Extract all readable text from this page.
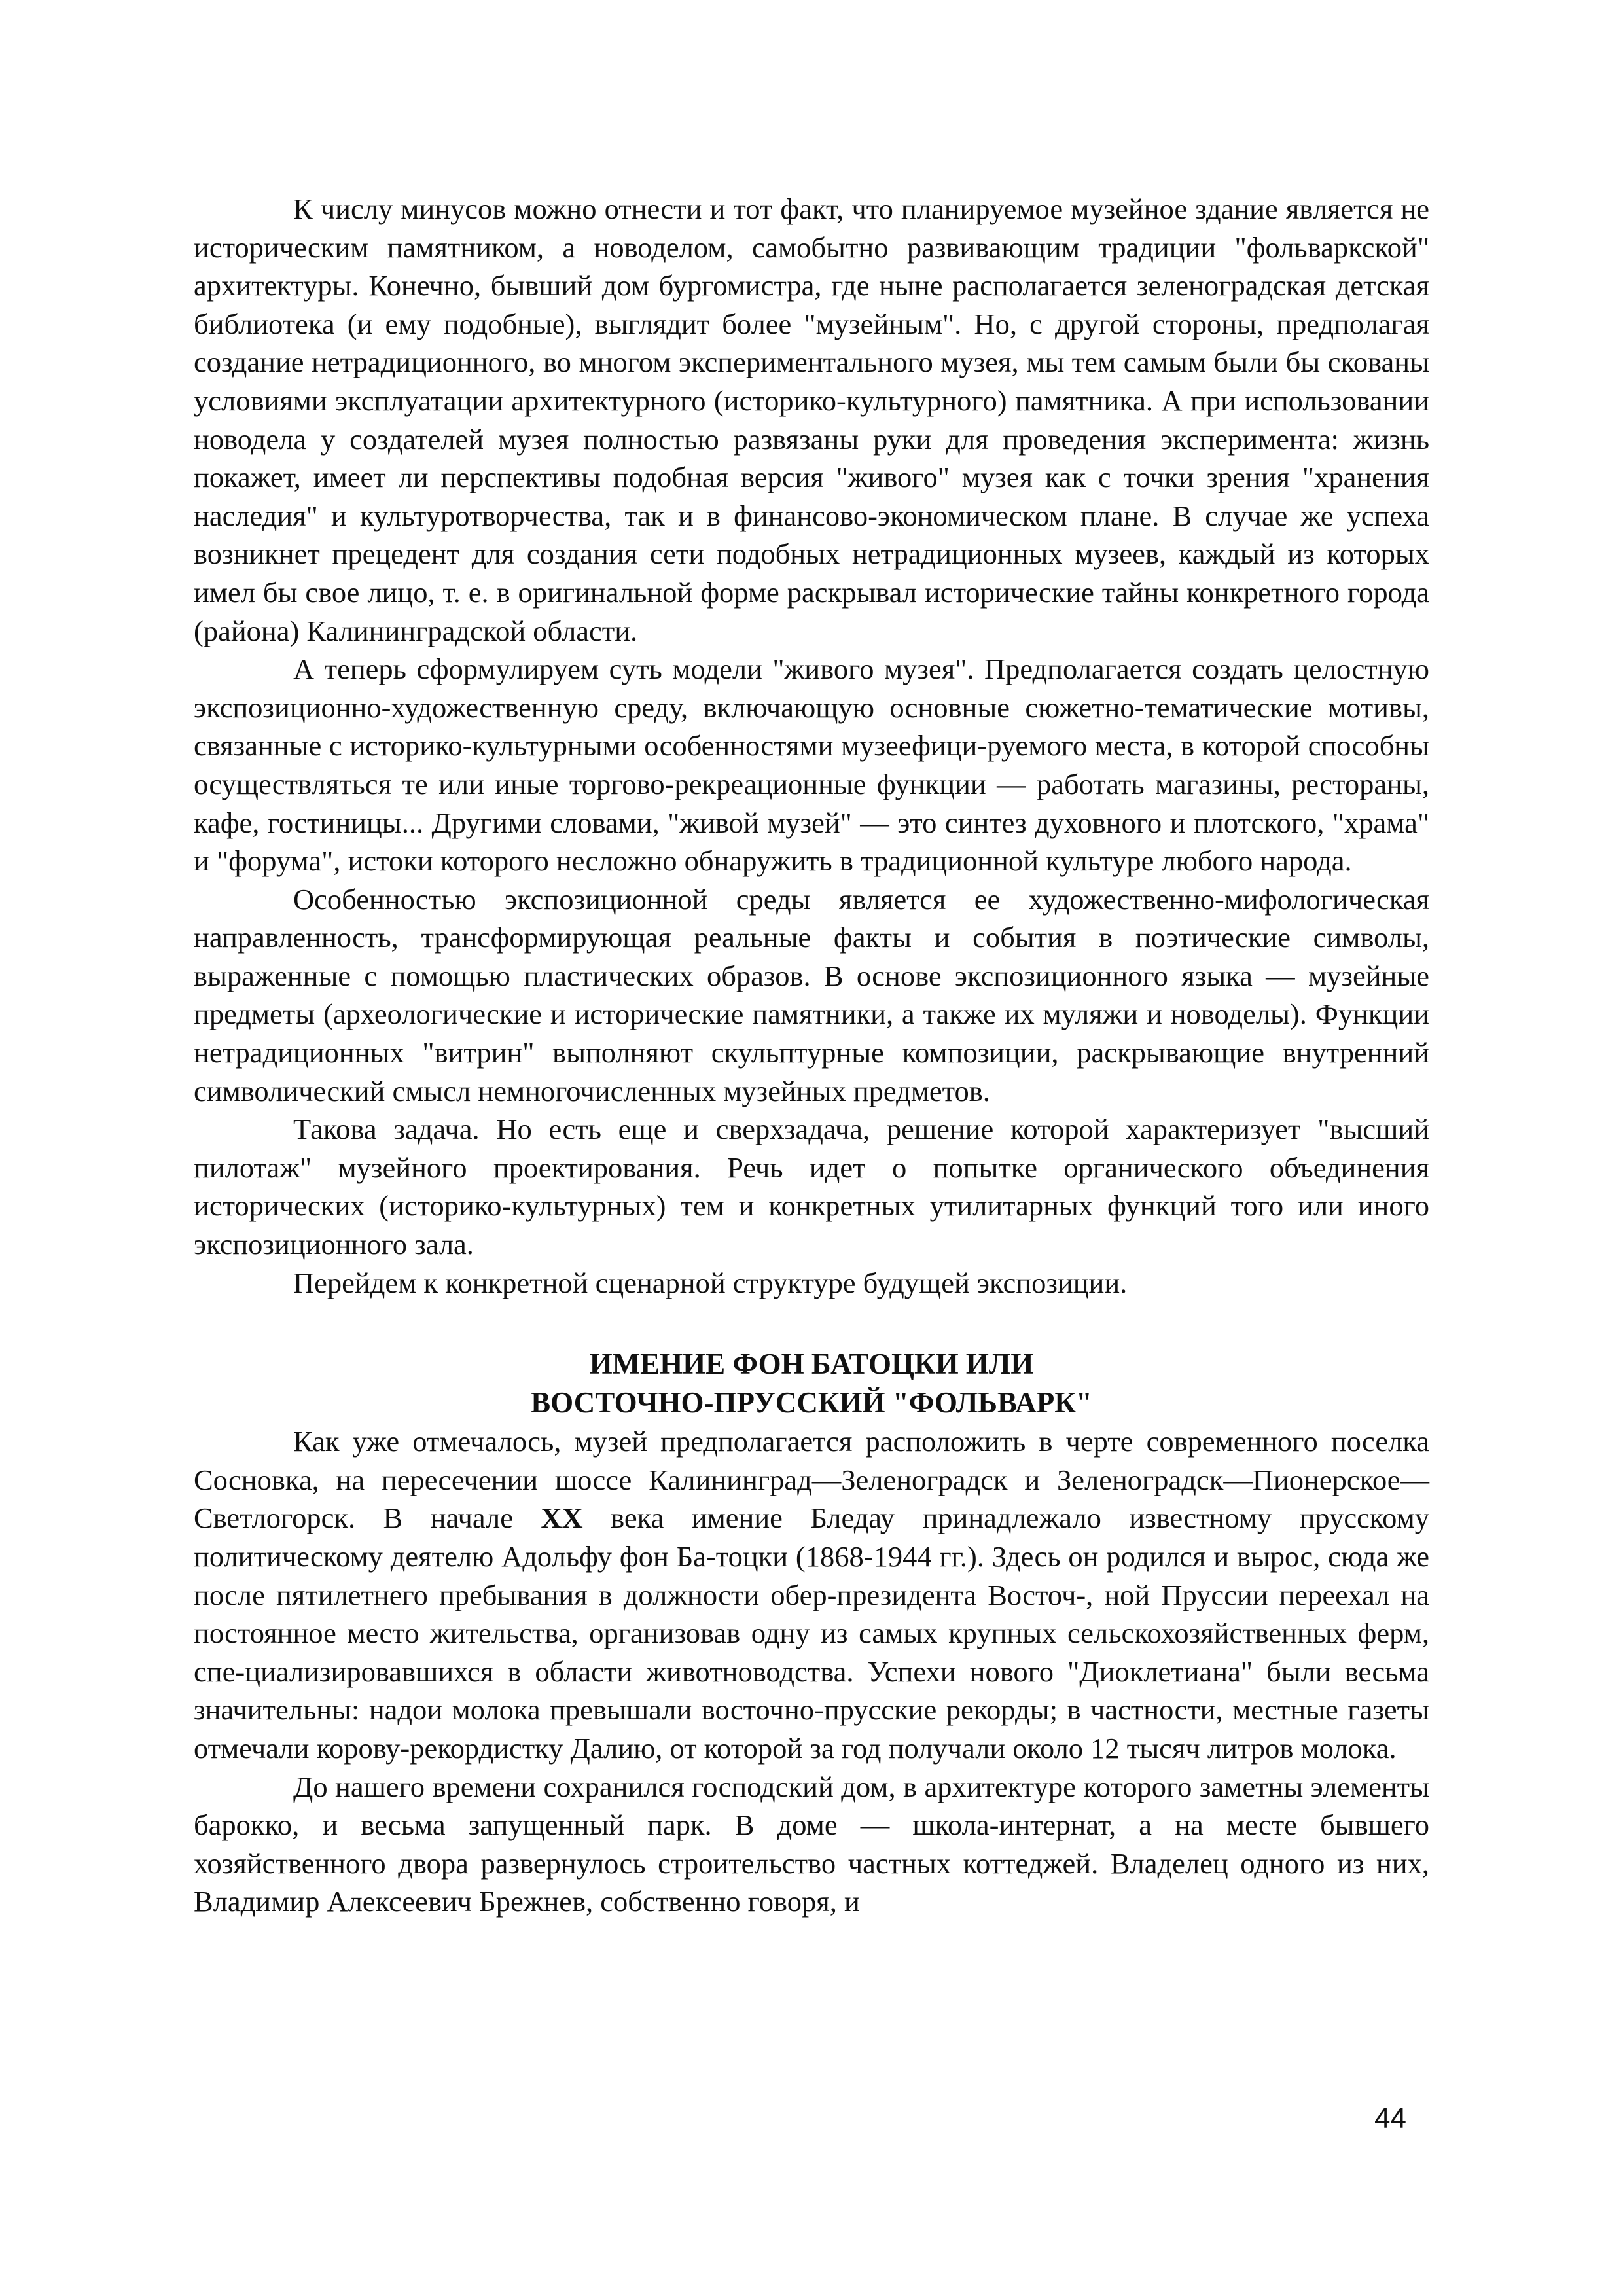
К числу минусов можно отнести и тот факт, что планируемое музейное здание является не историческим памятником, а новоделом, самобытно развивающим традиции "фольваркской" архитектуры. Конечно, бывший дом бургомистра, где ныне располагается зеленоградская детская библиотека (и ему подобные), выглядит более "музейным". Но, с другой стороны, предполагая создание нетрадиционного, во многом экспериментального музея, мы тем самым были бы скованы условиями эксплуатации архитектурного (историко-культурного) памятника. А при использовании новодела у создателей музея полностью развязаны руки для проведения эксперимента: жизнь покажет, имеет ли перспективы подобная версия "живого" музея как с точки зрения "хранения наследия" и культуротворчества, так и в финансово-экономическом плане. В случае же успеха возникнет прецедент для создания сети подобных нетрадиционных музеев, каждый из которых имел бы свое лицо, т. е. в оригинальной форме раскрывал исторические тайны конкретного города (района) Калининградской области.

А теперь сформулируем суть модели "живого музея". Предполагается создать целостную экспозиционно-художественную среду, включающую основные сюжетно-тематические мотивы, связанные с историко-культурными особенностями музеефици-руемого места, в которой способны осуществляться те или иные торгово-рекреационные функции — работать магазины, рестораны, кафе, гостиницы... Другими словами, "живой музей" — это синтез духовного и плотского, "храма" и "форума", истоки которого несложно обнаружить в традиционной культуре любого народа.

Особенностью экспозиционной среды является ее художественно-мифологическая направленность, трансформирующая реальные факты и события в поэтические символы, выраженные с помощью пластических образов. В основе экспозиционного языка — музейные предметы (археологические и исторические памятники, а также их муляжи и новоделы). Функции нетрадиционных "витрин" выполняют скульптурные композиции, раскрывающие внутренний символический смысл немногочисленных музейных предметов.

Такова задача. Но есть еще и сверхзадача, решение которой характеризует "высший пилотаж" музейного проектирования. Речь идет о попытке органического объединения исторических (историко-культурных) тем и конкретных утилитарных функций того или иного экспозиционного зала.

Перейдем к конкретной сценарной структуре будущей экспозиции.

ИМЕНИЕ ФОН БАТОЦКИ ИЛИ
ВОСТОЧНО-ПРУССКИЙ "ФОЛЬВАРК"

Как уже отмечалось, музей предполагается расположить в черте современного поселка Сосновка, на пересечении шоссе Калининград—Зеленоградск и Зеленоградск—Пионерское—Светлогорск. В начале XX века имение Бледау принадлежало известному прусскому политическому деятелю Адольфу фон Ба-тоцки (1868-1944 гг.). Здесь он родился и вырос, сюда же после пятилетнего пребывания в должности обер-президента Восточ-, ной Пруссии переехал на постоянное место жительства, организовав одну из самых крупных сельскохозяйственных ферм, спе-циализировавшихся в области животноводства. Успехи нового "Диоклетиана" были весьма значительны: надои молока превышали восточно-прусские рекорды; в частности, местные газеты отмечали корову-рекордистку Далию, от которой за год получали около 12 тысяч литров молока.

До нашего времени сохранился господский дом, в архитектуре которого заметны элементы барокко, и весьма запущенный парк. В доме — школа-интернат, а на месте бывшего хозяйственного двора развернулось строительство частных коттеджей. Владелец одного из них, Владимир Алексеевич Брежнев, собственно говоря, и

44
